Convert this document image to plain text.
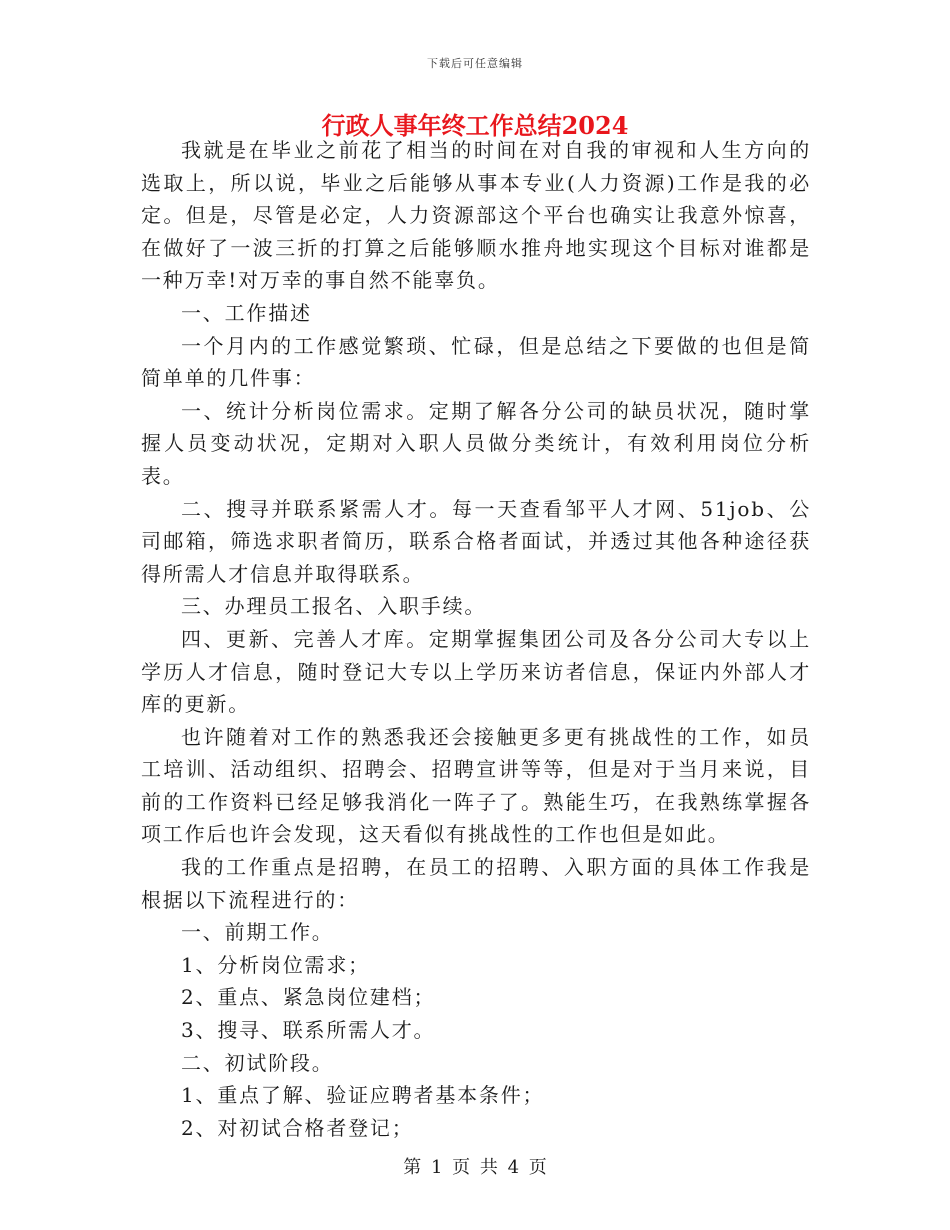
下载后可任意编辑
行政人事年终工作总结2024

我就是在毕业之前花了相当的时间在对自我的审视和人生方向的选取上，所以说，毕业之后能够从事本专业(人力资源)工作是我的必定。但是，尽管是必定，人力资源部这个平台也确实让我意外惊喜，在做好了一波三折的打算之后能够顺水推舟地实现这个目标对谁都是一种万幸!对万幸的事自然不能辜负。

一、工作描述

一个月内的工作感觉繁琐、忙碌，但是总结之下要做的也但是简简单单的几件事：

一、统计分析岗位需求。定期了解各分公司的缺员状况，随时掌握人员变动状况，定期对入职人员做分类统计，有效利用岗位分析表。

二、搜寻并联系紧需人才。每一天查看邹平人才网、51job、公司邮箱，筛选求职者简历，联系合格者面试，并透过其他各种途径获得所需人才信息并取得联系。

三、办理员工报名、入职手续。

四、更新、完善人才库。定期掌握集团公司及各分公司大专以上学历人才信息，随时登记大专以上学历来访者信息，保证内外部人才库的更新。

也许随着对工作的熟悉我还会接触更多更有挑战性的工作，如员工培训、活动组织、招聘会、招聘宣讲等等，但是对于当月来说，目前的工作资料已经足够我消化一阵子了。熟能生巧，在我熟练掌握各项工作后也许会发现，这天看似有挑战性的工作也但是如此。

我的工作重点是招聘，在员工的招聘、入职方面的具体工作我是根据以下流程进行的：

一、前期工作。

1、分析岗位需求；

2、重点、紧急岗位建档；

3、搜寻、联系所需人才。

二、初试阶段。

1、重点了解、验证应聘者基本条件；

2、对初试合格者登记；

第 1 页 共 4 页
